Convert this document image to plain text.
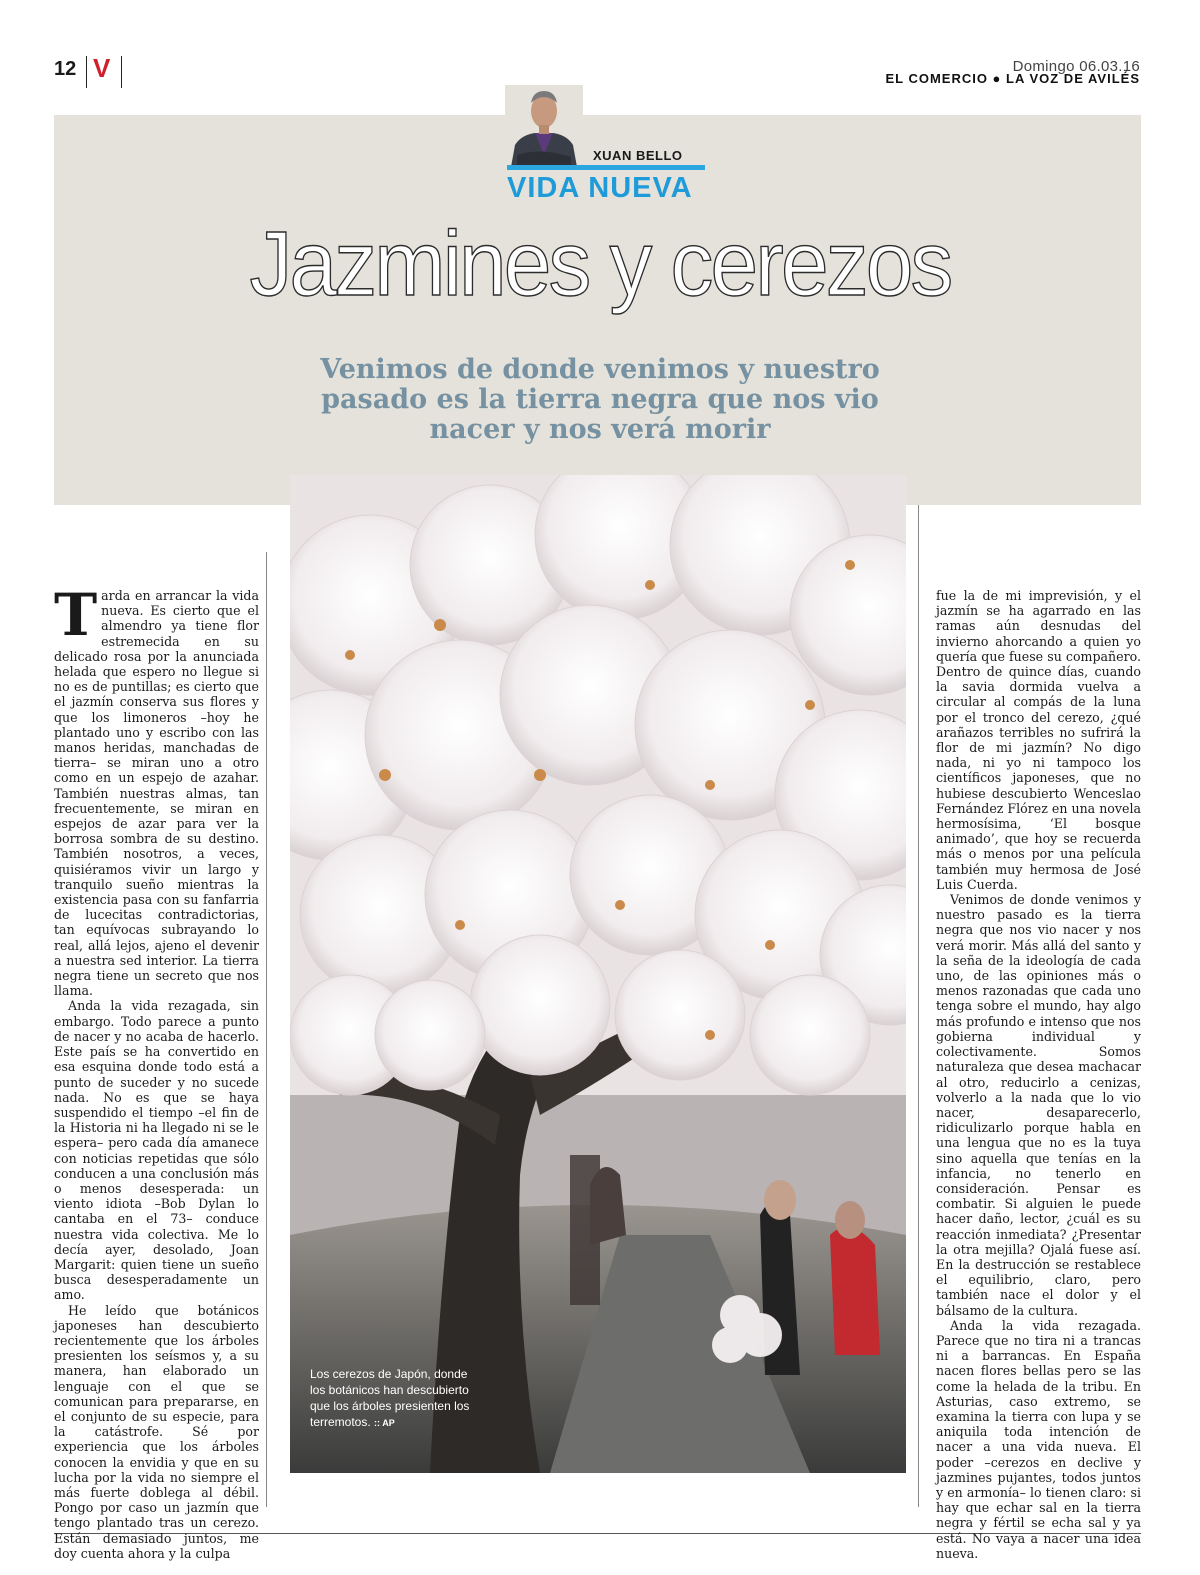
12 V	Domingo 06.03.16
EL COMERCIO ● LA VOZ DE AVILÉS
XUAN BELLO
VIDA NUEVA
Jazmines y cerezos
Venimos de donde venimos y nuestro pasado es la tierra negra que nos vio nacer y nos verá morir
Los cerezos de Japón, donde los botánicos han descubierto que los árboles presienten los terremotos. :: AP

Tarda en arrancar la vida nueva. Es cierto que el almendro ya tiene flor estremecida en su delicado rosa por la anunciada helada que espero no llegue si no es de puntillas; es cierto que el jazmín conserva sus flores y que los limoneros –hoy he plantado uno y escribo con las manos heridas, manchadas de tierra– se miran uno a otro como en un espejo de azahar. También nuestras almas, tan frecuentemente, se miran en espejos de azar para ver la borrosa sombra de su destino. También nosotros, a veces, quisiéramos vivir un largo y tranquilo sueño mientras la existencia pasa con su fanfarria de lucecitas contradictorias, tan equívocas subrayando lo real, allá lejos, ajeno el devenir a nuestra sed interior. La tierra negra tiene un secreto que nos llama.

Anda la vida rezagada, sin embargo. Todo parece a punto de nacer y no acaba de hacerlo. Este país se ha convertido en esa esquina donde todo está a punto de suceder y no sucede nada. No es que se haya suspendido el tiempo –el fin de la Historia ni ha llegado ni se le espera– pero cada día amanece con noticias repetidas que sólo conducen a una conclusión más o menos desesperada: un viento idiota –Bob Dylan lo cantaba en el 73– conduce nuestra vida colectiva. Me lo decía ayer, desolado, Joan Margarit: quien tiene un sueño busca desesperadamente un amo.

He leído que botánicos japoneses han descubierto recientemente que los árboles presienten los seísmos y, a su manera, han elaborado un lenguaje con el que se comunican para prepararse, en el conjunto de su especie, para la catástrofe. Sé por experiencia que los árboles conocen la envidia y que en su lucha por la vida no siempre el más fuerte doblega al débil. Pongo por caso un jazmín que tengo plantado tras un cerezo. Están demasiado juntos, me doy cuenta ahora y la culpa

fue la de mi imprevisión, y el jazmín se ha agarrado en las ramas aún desnudas del invierno ahorcando a quien yo quería que fuese su compañero. Dentro de quince días, cuando la savia dormida vuelva a circular al compás de la luna por el tronco del cerezo, ¿qué arañazos terribles no sufrirá la flor de mi jazmín? No digo nada, ni yo ni tampoco los científicos japoneses, que no hubiese descubierto Wenceslao Fernández Flórez en una novela hermosísima, ‘El bosque animado’, que hoy se recuerda más o menos por una película también muy hermosa de José Luis Cuerda.

Venimos de donde venimos y nuestro pasado es la tierra negra que nos vio nacer y nos verá morir. Más allá del santo y la seña de la ideología de cada uno, de las opiniones más o menos razonadas que cada uno tenga sobre el mundo, hay algo más profundo e intenso que nos gobierna individual y colectivamente. Somos naturaleza que desea machacar al otro, reducirlo a cenizas, volverlo a la nada que lo vio nacer, desaparecerlo, ridiculizarlo porque habla en una lengua que no es la tuya sino aquella que tenías en la infancia, no tenerlo en consideración. Pensar es combatir. Si alguien le puede hacer daño, lector, ¿cuál es su reacción inmediata? ¿Presentar la otra mejilla? Ojalá fuese así. En la destrucción se restablece el equilibrio, claro, pero también nace el dolor y el bálsamo de la cultura.

Anda la vida rezagada. Parece que no tira ni a trancas ni a barrancas. En España nacen flores bellas pero se las come la helada de la tribu. En Asturias, caso extremo, se examina la tierra con lupa y se aniquila toda intención de nacer a una vida nueva. El poder –cerezos en declive y jazmines pujantes, todos juntos y en armonía– lo tienen claro: si hay que echar sal en la tierra negra y fértil se echa sal y ya está. No vaya a nacer una idea nueva.
